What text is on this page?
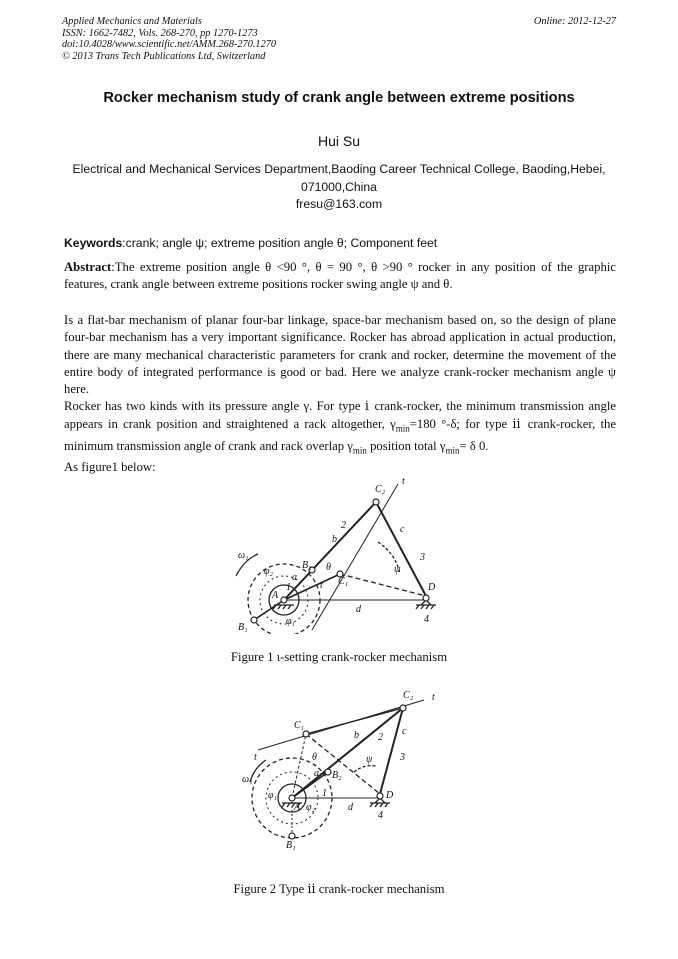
Applied Mechanics and Materials
ISSN: 1662-7482, Vols. 268-270, pp 1270-1273
doi:10.4028/www.scientific.net/AMM.268-270.1270
© 2013 Trans Tech Publications Ltd, Switzerland
Online: 2012-12-27
Rocker mechanism study of crank angle between extreme positions
Hui Su
Electrical and Mechanical Services Department,Baoding Career Technical College, Baoding,Hebei,
071000,China
fresu@163.com
Keywords:crank; angle ψ; extreme position angle θ; Component feet
Abstract:The extreme position angle θ <90 °, θ = 90 °, θ >90 ° rocker in any position of the graphic features, crank angle between extreme positions rocker swing angle ψ and θ.

Is a flat-bar mechanism of planar four-bar linkage, space-bar mechanism based on, so the design of plane four-bar mechanism has a very important significance. Rocker has abroad application in actual production, there are many mechanical characteristic parameters for crank and rocker, determine the movement of the entire body of integrated performance is good or bad. Here we analyze crank-rocker mechanism angle ψ here.

Rocker has two kinds with its pressure angle γ. For type ⅰ crank-rocker, the minimum transmission angle appears in crank position and straightened a rack altogether, $\gamma_{min}=180$ °-δ; for type ⅱ crank-rocker, the minimum transmission angle of crank and rack overlap $\gamma_{min}$ position total $\gamma_{min}= \delta$ 0.

As figure1 below:

C₂
t
c
2
b
3
ω₁
φ₂
B₂ θ
C₁
ψ
a
1	t
A
D
d
B₁
φ₁	4
Figure 1 ι-setting crank-rocker mechanism
C₂ t
C₁
t
b 2
c
3
ψ
θ
a B₂
ω₁
φ₁
A φ₂
1
d
D
4
B₁
Figure 2 Type ⅱ crank-rocker mechanism
